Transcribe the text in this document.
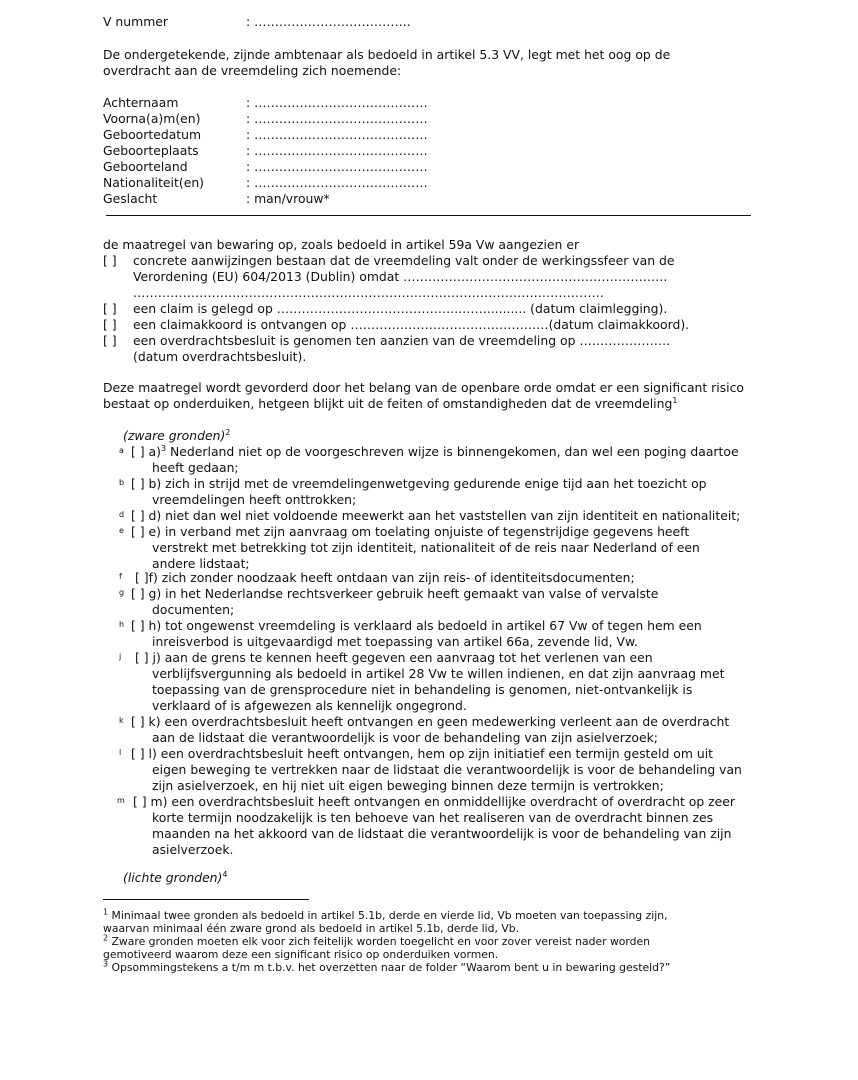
V nummer	: ………………………………..
De ondergetekende, zijnde ambtenaar als bedoeld in artikel 5.3 VV, legt met het oog op de
overdracht aan de vreemdeling zich noemende:
Achternaam	: ……………………………………
Voorna(a)m(en)	: ……………………………………
Geboortedatum	: ……………………………………
Geboorteplaats	: ……………………………………
Geboorteland	: ……………………………………
Nationaliteit(en)	: ……………………………………
Geslacht	: man/vrouw*
de maatregel van bewaring op, zoals bedoeld in artikel 59a Vw aangezien er
[ ] concrete aanwijzingen bestaan dat de vreemdeling valt onder de werkingssfeer van de
Verordening (EU) 604/2013 (Dublin) omdat ……………………………………………………….
……………………………………………………………………………………………………
[ ] een claim is gelegd op ……………………………………...…….......... (datum claimlegging).
[ ] een claimakkoord is ontvangen op …………………………………………(datum claimakkoord).
[ ] een overdrachtsbesluit is genomen ten aanzien van de vreemdeling op ………………….
(datum overdrachtsbesluit).
Deze maatregel wordt gevorderd door het belang van de openbare orde omdat er een significant risico
bestaat op onderduiken, hetgeen blijkt uit de feiten of omstandigheden dat de vreemdeling$^1$
(zware gronden)$^2$
a [ ] a)$^3$ Nederland niet op de voorgeschreven wijze is binnengekomen, dan wel een poging daartoe
heeft gedaan;
b [ ] b) zich in strijd met de vreemdelingenwetgeving gedurende enige tijd aan het toezicht op
vreemdelingen heeft onttrokken;
d [ ] d) niet dan wel niet voldoende meewerkt aan het vaststellen van zijn identiteit en nationaliteit;
e [ ] e) in verband met zijn aanvraag om toelating onjuiste of tegenstrijdige gegevens heeft
verstrekt met betrekking tot zijn identiteit, nationaliteit of de reis naar Nederland of een
andere lidstaat;
f [ ]f) zich zonder noodzaak heeft ontdaan van zijn reis- of identiteitsdocumenten;
g [ ] g) in het Nederlandse rechtsverkeer gebruik heeft gemaakt van valse of vervalste
documenten;
h [ ] h) tot ongewenst vreemdeling is verklaard als bedoeld in artikel 67 Vw of tegen hem een
inreisverbod is uitgevaardigd met toepassing van artikel 66a, zevende lid, Vw.
j [ ] j) aan de grens te kennen heeft gegeven een aanvraag tot het verlenen van een
verblijfsvergunning als bedoeld in artikel 28 Vw te willen indienen, en dat zijn aanvraag met
toepassing van de grensprocedure niet in behandeling is genomen, niet-ontvankelijk is
verklaard of is afgewezen als kennelijk ongegrond.
k [ ] k) een overdrachtsbesluit heeft ontvangen en geen medewerking verleent aan de overdracht
aan de lidstaat die verantwoordelijk is voor de behandeling van zijn asielverzoek;
l [ ] l) een overdrachtsbesluit heeft ontvangen, hem op zijn initiatief een termijn gesteld om uit
eigen beweging te vertrekken naar de lidstaat die verantwoordelijk is voor de behandeling van
zijn asielverzoek, en hij niet uit eigen beweging binnen deze termijn is vertrokken;
m [ ] m) een overdrachtsbesluit heeft ontvangen en onmiddellijke overdracht of overdracht op zeer
korte termijn noodzakelijk is ten behoeve van het realiseren van de overdracht binnen zes
maanden na het akkoord van de lidstaat die verantwoordelijk is voor de behandeling van zijn
asielverzoek.
(lichte gronden)$^4$
$^1$ Minimaal twee gronden als bedoeld in artikel 5.1b, derde en vierde lid, Vb moeten van toepassing zijn,
waarvan minimaal één zware grond als bedoeld in artikel 5.1b, derde lid, Vb.
$^2$ Zware gronden moeten elk voor zich feitelijk worden toegelicht en voor zover vereist nader worden
gemotiveerd waarom deze een significant risico op onderduiken vormen.
$^3$ Opsommingstekens a t/m m t.b.v. het overzetten naar de folder “Waarom bent u in bewaring gesteld?”
